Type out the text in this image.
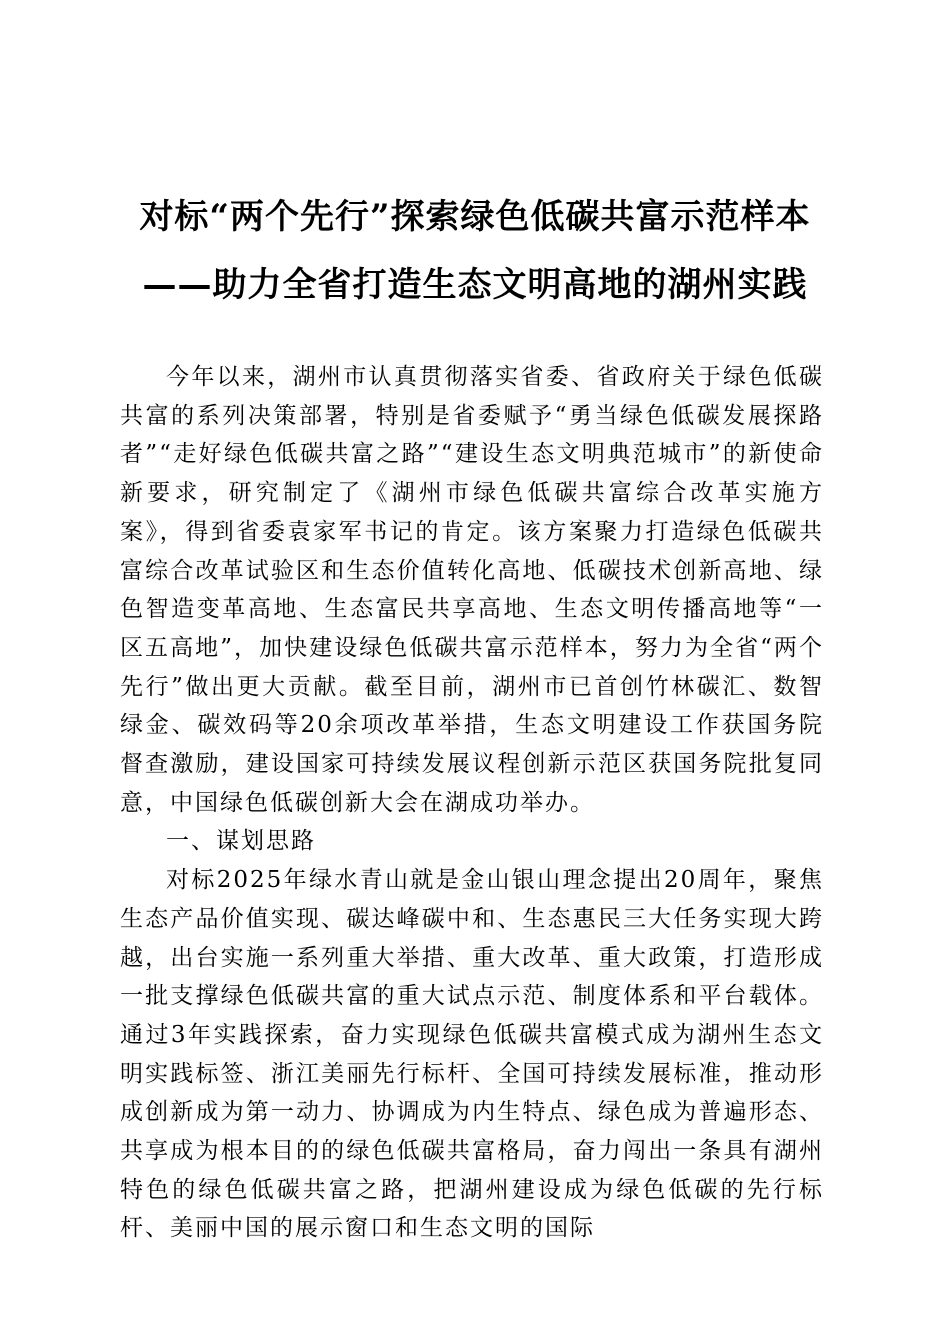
对标“两个先行”探索绿色低碳共富示范样本
——助力全省打造生态文明高地的湖州实践

今年以来，湖州市认真贯彻落实省委、省政府关于绿色低碳共富的系列决策部署，特别是省委赋予“勇当绿色低碳发展探路者”“走好绿色低碳共富之路”“建设生态文明典范城市”的新使命新要求，研究制定了《湖州市绿色低碳共富综合改革实施方案》，得到省委袁家军书记的肯定。该方案聚力打造绿色低碳共富综合改革试验区和生态价值转化高地、低碳技术创新高地、绿色智造变革高地、生态富民共享高地、生态文明传播高地等“一区五高地”，加快建设绿色低碳共富示范样本，努力为全省“两个先行”做出更大贡献。截至目前，湖州市已首创竹林碳汇、数智绿金、碳效码等20余项改革举措，生态文明建设工作获国务院督查激励，建设国家可持续发展议程创新示范区获国务院批复同意，中国绿色低碳创新大会在湖成功举办。

一、谋划思路

对标2025年绿水青山就是金山银山理念提出20周年，聚焦生态产品价值实现、碳达峰碳中和、生态惠民三大任务实现大跨越，出台实施一系列重大举措、重大改革、重大政策，打造形成一批支撑绿色低碳共富的重大试点示范、制度体系和平台载体。通过3年实践探索，奋力实现绿色低碳共富模式成为湖州生态文明实践标签、浙江美丽先行标杆、全国可持续发展标准，推动形成创新成为第一动力、协调成为内生特点、绿色成为普遍形态、共享成为根本目的的绿色低碳共富格局，奋力闯出一条具有湖州特色的绿色低碳共富之路，把湖州建设成为绿色低碳的先行标杆、美丽中国的展示窗口和生态文明的国际
